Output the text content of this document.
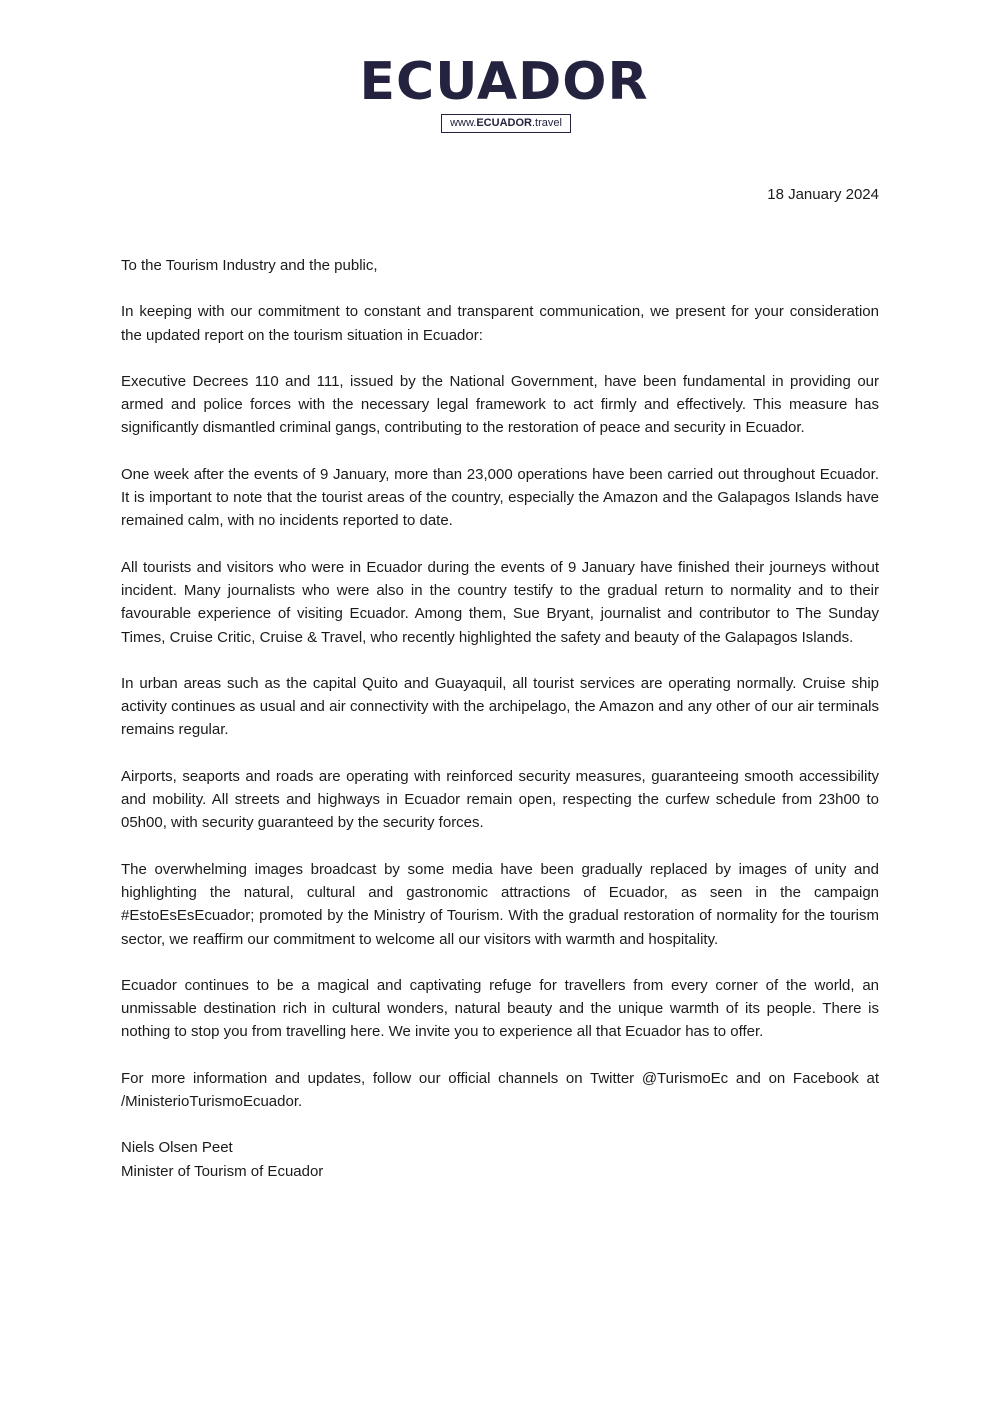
ECUADOR
www.ECUADOR.travel
18 January 2024

To the Tourism Industry and the public,

In keeping with our commitment to constant and transparent communication, we present for your consideration the updated report on the tourism situation in Ecuador:

Executive Decrees 110 and 111, issued by the National Government, have been fundamental in providing our armed and police forces with the necessary legal framework to act firmly and effectively. This measure has significantly dismantled criminal gangs, contributing to the restoration of peace and security in Ecuador.

One week after the events of 9 January, more than 23,000 operations have been carried out throughout Ecuador. It is important to note that the tourist areas of the country, especially the Amazon and the Galapagos Islands have remained calm, with no incidents reported to date.

All tourists and visitors who were in Ecuador during the events of 9 January have finished their journeys without incident. Many journalists who were also in the country testify to the gradual return to normality and to their favourable experience of visiting Ecuador. Among them, Sue Bryant, journalist and contributor to The Sunday Times, Cruise Critic, Cruise & Travel, who recently highlighted the safety and beauty of the Galapagos Islands.

In urban areas such as the capital Quito and Guayaquil, all tourist services are operating normally. Cruise ship activity continues as usual and air connectivity with the archipelago, the Amazon and any other of our air terminals remains regular.

Airports, seaports and roads are operating with reinforced security measures, guaranteeing smooth accessibility and mobility. All streets and highways in Ecuador remain open, respecting the curfew schedule from 23h00 to 05h00, with security guaranteed by the security forces.

The overwhelming images broadcast by some media have been gradually replaced by images of unity and highlighting the natural, cultural and gastronomic attractions of Ecuador, as seen in the campaign #EstoEsEsEcuador; promoted by the Ministry of Tourism. With the gradual restoration of normality for the tourism sector, we reaffirm our commitment to welcome all our visitors with warmth and hospitality.

Ecuador continues to be a magical and captivating refuge for travellers from every corner of the world, an unmissable destination rich in cultural wonders, natural beauty and the unique warmth of its people. There is nothing to stop you from travelling here. We invite you to experience all that Ecuador has to offer.

For more information and updates, follow our official channels on Twitter @TurismoEc and on Facebook at /MinisterioTurismoEcuador.

Niels Olsen Peet
Minister of Tourism of Ecuador
